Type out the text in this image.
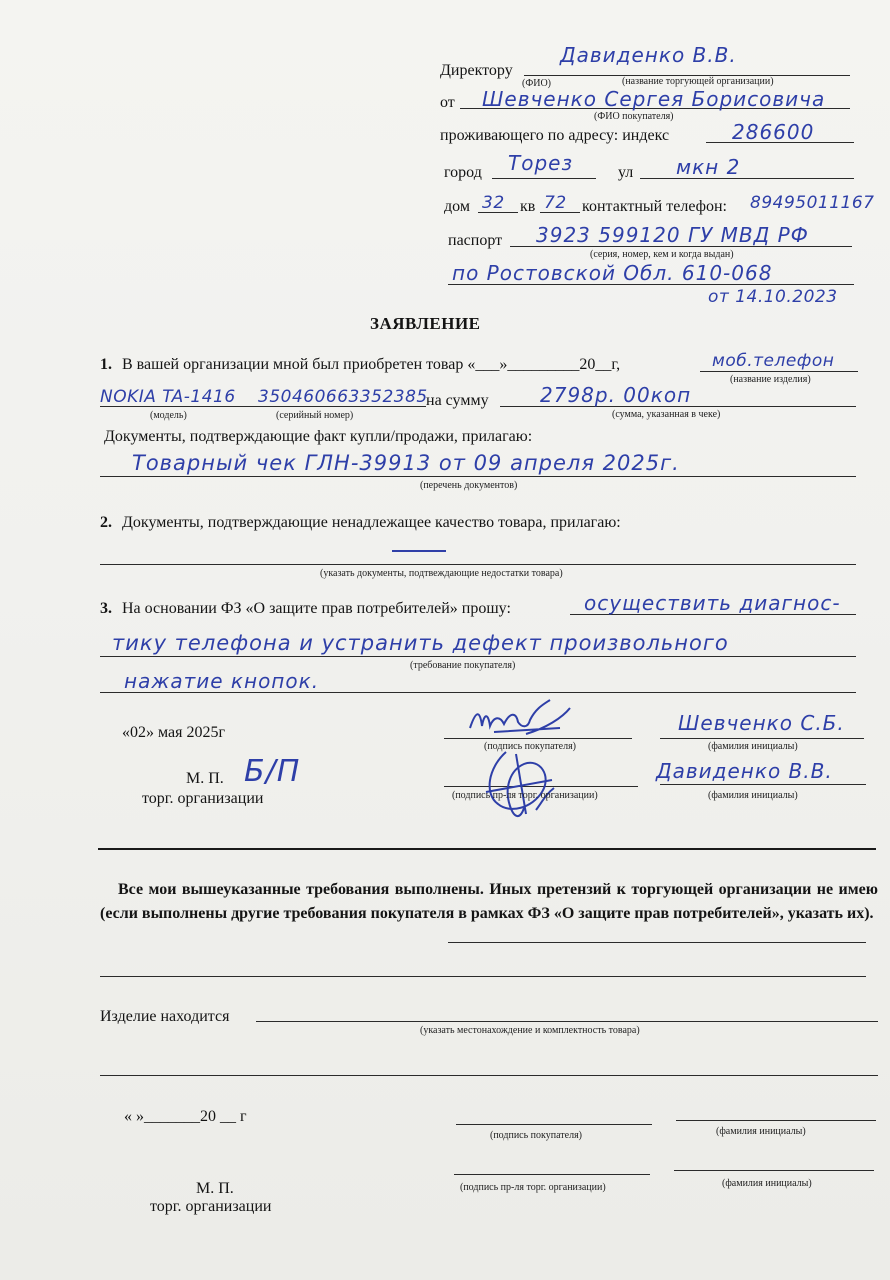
Директору
Давиденко В.В.
(ФИО)	(название торгующей организации)
от Шевченко Сергея Борисовича
(ФИО покупателя)
проживающего по адресу: индекс	286600
город Торез	ул мкн 2
дом 32 кв 72 контактный телефон: 89495011167
паспорт 3923 599120 ГУ МВД РФ
(серия, номер, кем и когда выдан)
по Ростовской Обл. 610-068
от 14.10.2023
ЗАЯВЛЕНИЕ
1. В вашей организации мной был приобретен товар «___»_________20__г,	моб.телефон
(название изделия)
NOKIA TA-1416 350460663352385
(модель)	(серийный номер)
на сумму	2798р. 00коп
(сумма, указанная в чеке)
Документы, подтверждающие факт купли/продажи, прилагаю:
Товарный чек ГЛН-39913 от 09 апреля 2025г.
(перечень документов)
2. Документы, подтверждающие ненадлежащее качество товара, прилагаю:
(указать документы, подтвеждающие недостатки товара)
3. На основании ФЗ «О защите прав потребителей» прошу:	осуществить диагнос-
тику телефона и устранить дефект произвольного
(требование покупателя)
нажатие кнопок.
«02» мая 2025г
(подпись покупателя)
Шевченко С.Б.
(фамилия инициалы)
М. П. Б/П
торг. организации	(подпись пр-ля торг. организации)
Давиденко В.В.
(фамилия инициалы)
Все мои вышеуказанные требования выполнены. Иных претензий к торгующей организации не имею (если выполнены другие требования покупателя в рамках ФЗ «О защите прав потребителей», указать их).
Изделие находится
(указать местонахождение и комплектность товара)
« »_______20 __ г
(подпись покупателя)	(фамилия инициалы)
(подпись пр-ля торг. организации)	(фамилия инициалы)
М. П.
торг. организации
